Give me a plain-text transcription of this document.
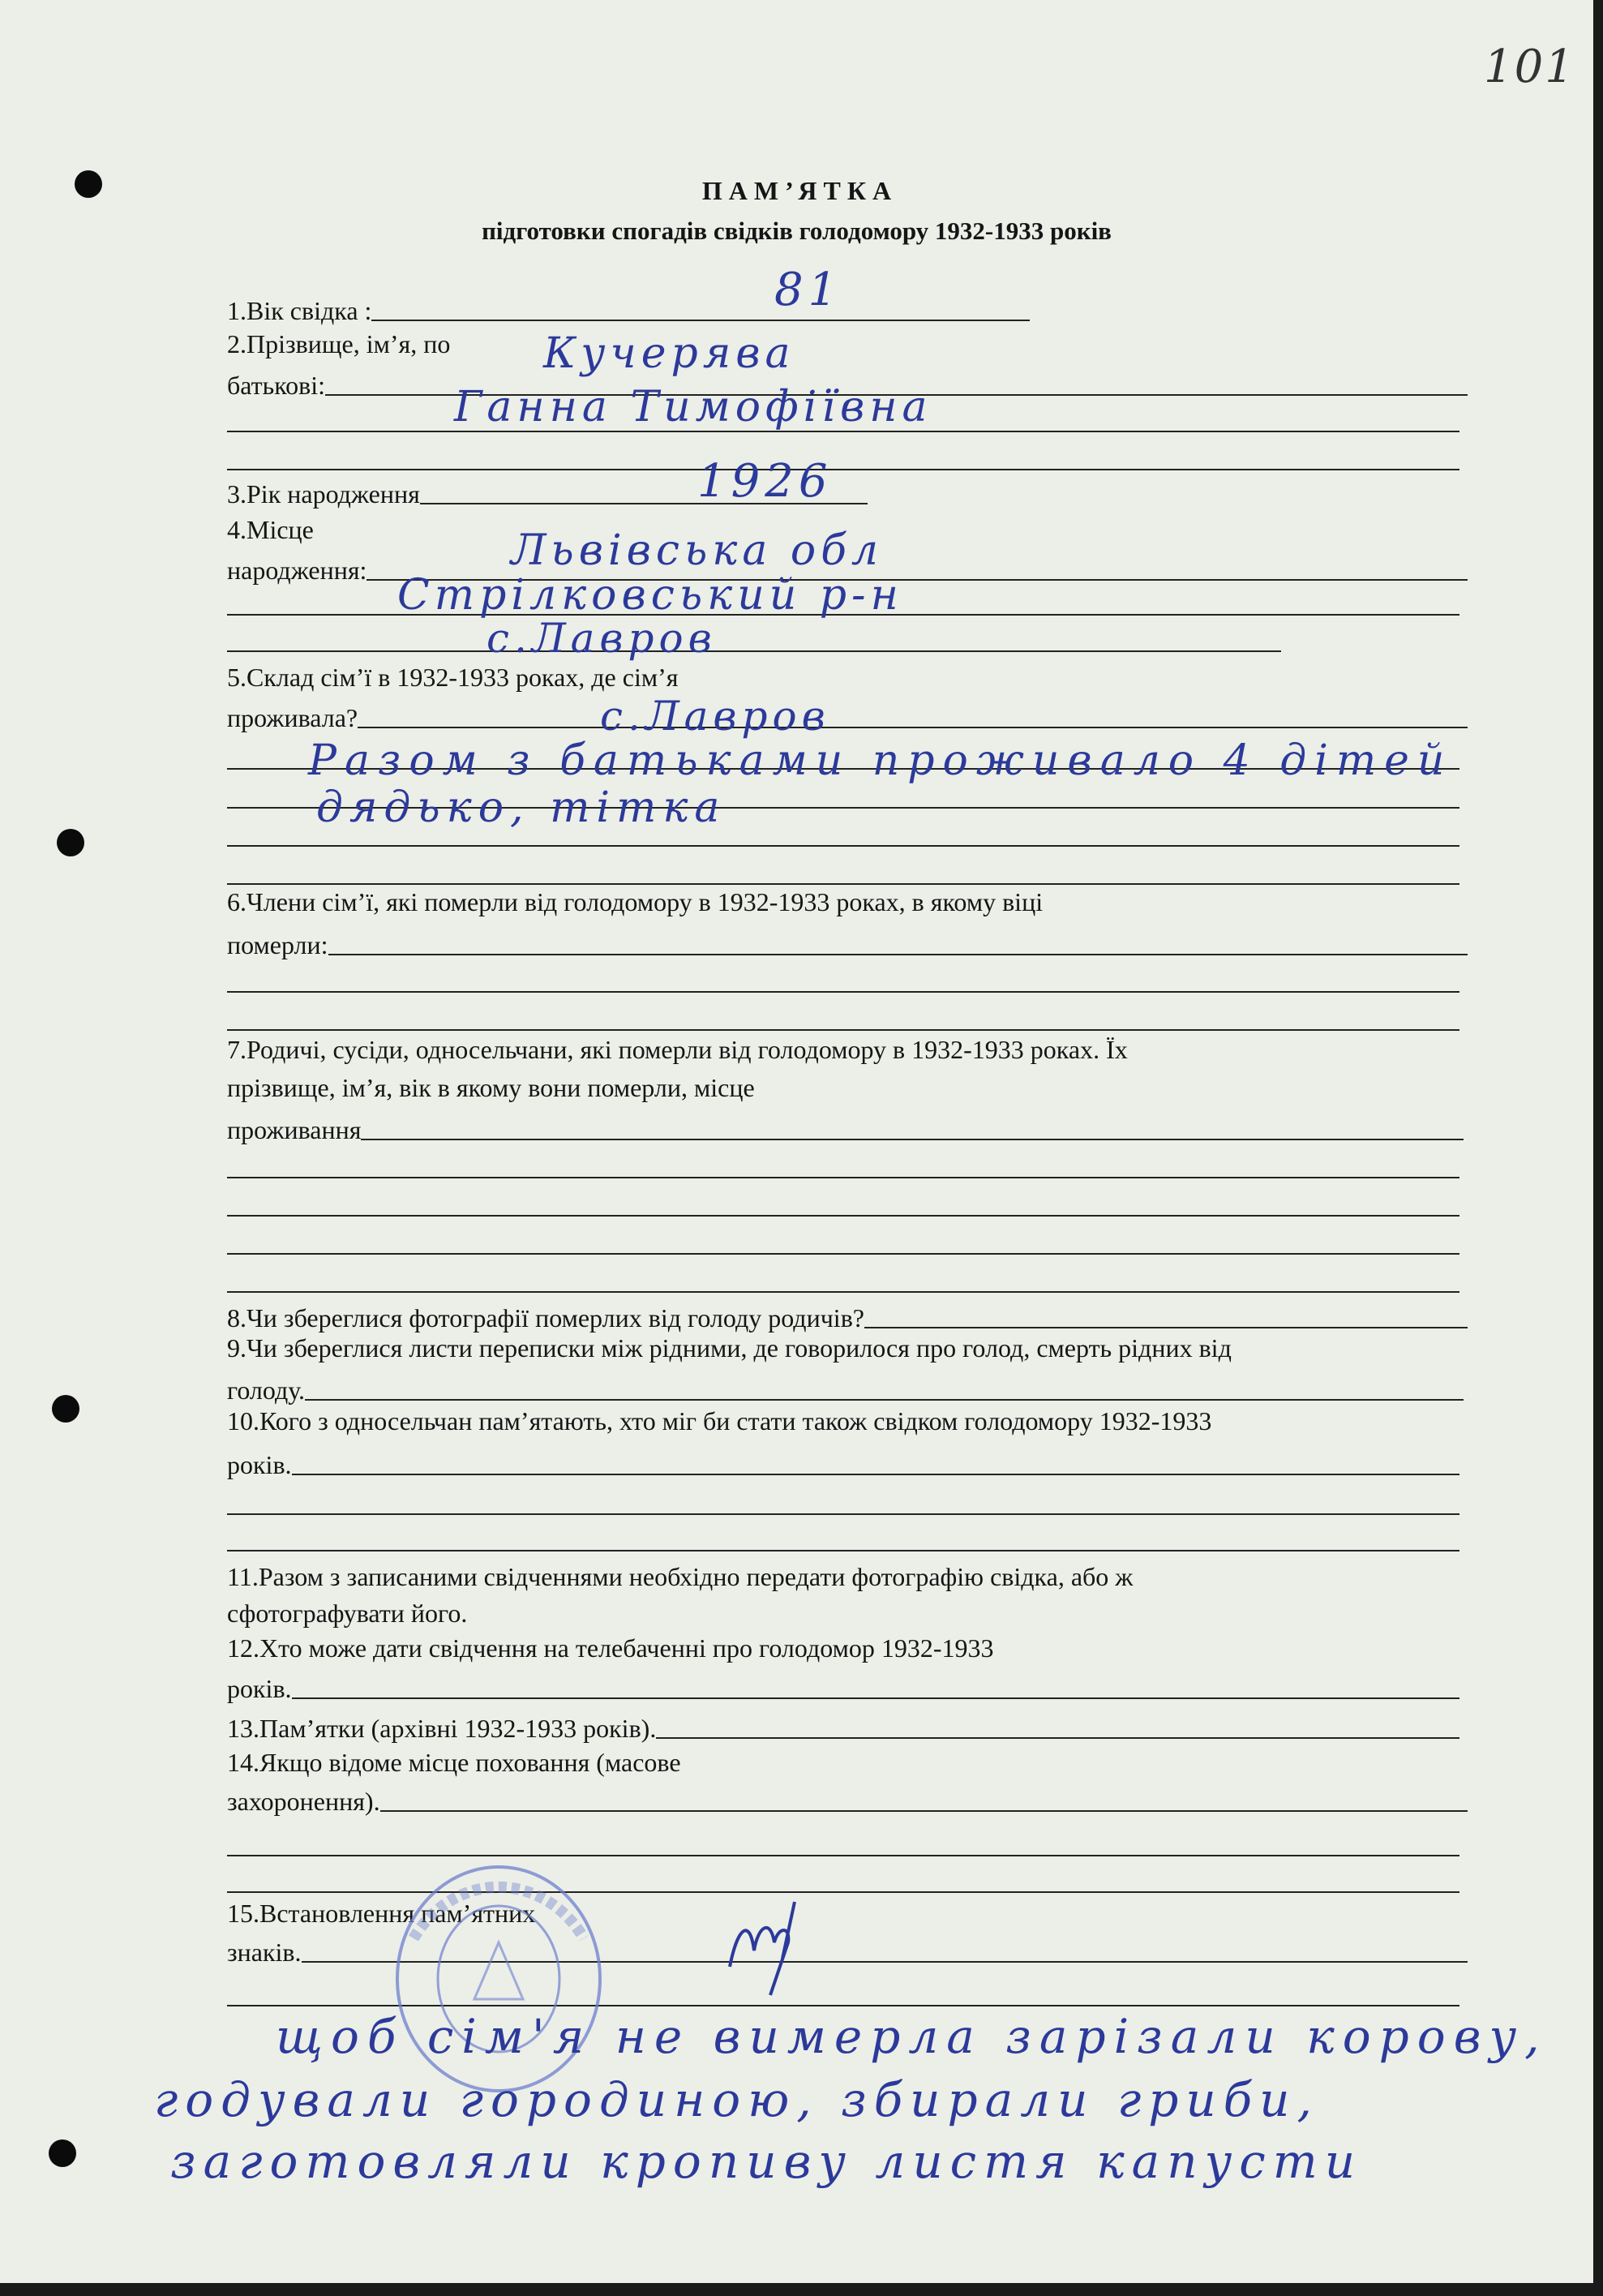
101
П А М ’ Я Т К А
підготовки спогадів свідків голодомору 1932-1933 років
1.Вік свідка :
2.Прізвище, ім’я, по
батькові:
3.Рік народження
4.Місце
народження:
5.Склад сім’ї в 1932-1933 роках, де сім’я
проживала?
6.Члени сім’ї, які померли від голодомору в 1932-1933 роках, в якому віці
померли:
7.Родичі, сусіди, односельчани, які померли від голодомору в 1932-1933 роках. Їх
прізвище, ім’я, вік в якому вони померли, місце
проживання
8.Чи збереглися фотографії померлих від голоду родичів?
9.Чи збереглися листи переписки між рідними, де говорилося про голод, смерть рідних від
голоду.
10.Кого з односельчан пам’ятають, хто міг би стати також свідком голодомору 1932-1933
років.
11.Разом з записаними свідченнями необхідно передати фотографію свідка, або ж
сфотографувати його.
12.Хто може дати свідчення на телебаченні про голодомор 1932-1933
років.
13.Пам’ятки (архівні 1932-1933 років).
14.Якщо відоме місце поховання (масове
захоронення).
15.Встановлення пам’ятних
знаків.
81
Кучерява
Ганна Тимофіївна
1926
Львівська обл
Стрілковський р-н
с.Лавров
с.Лавров
Разом з батьками проживало 4 дітей
дядько, тітка
щоб сім'я не вимерла зарізали корову,
годували городиною, збирали гриби,
заготовляли кропиву листя капусти
